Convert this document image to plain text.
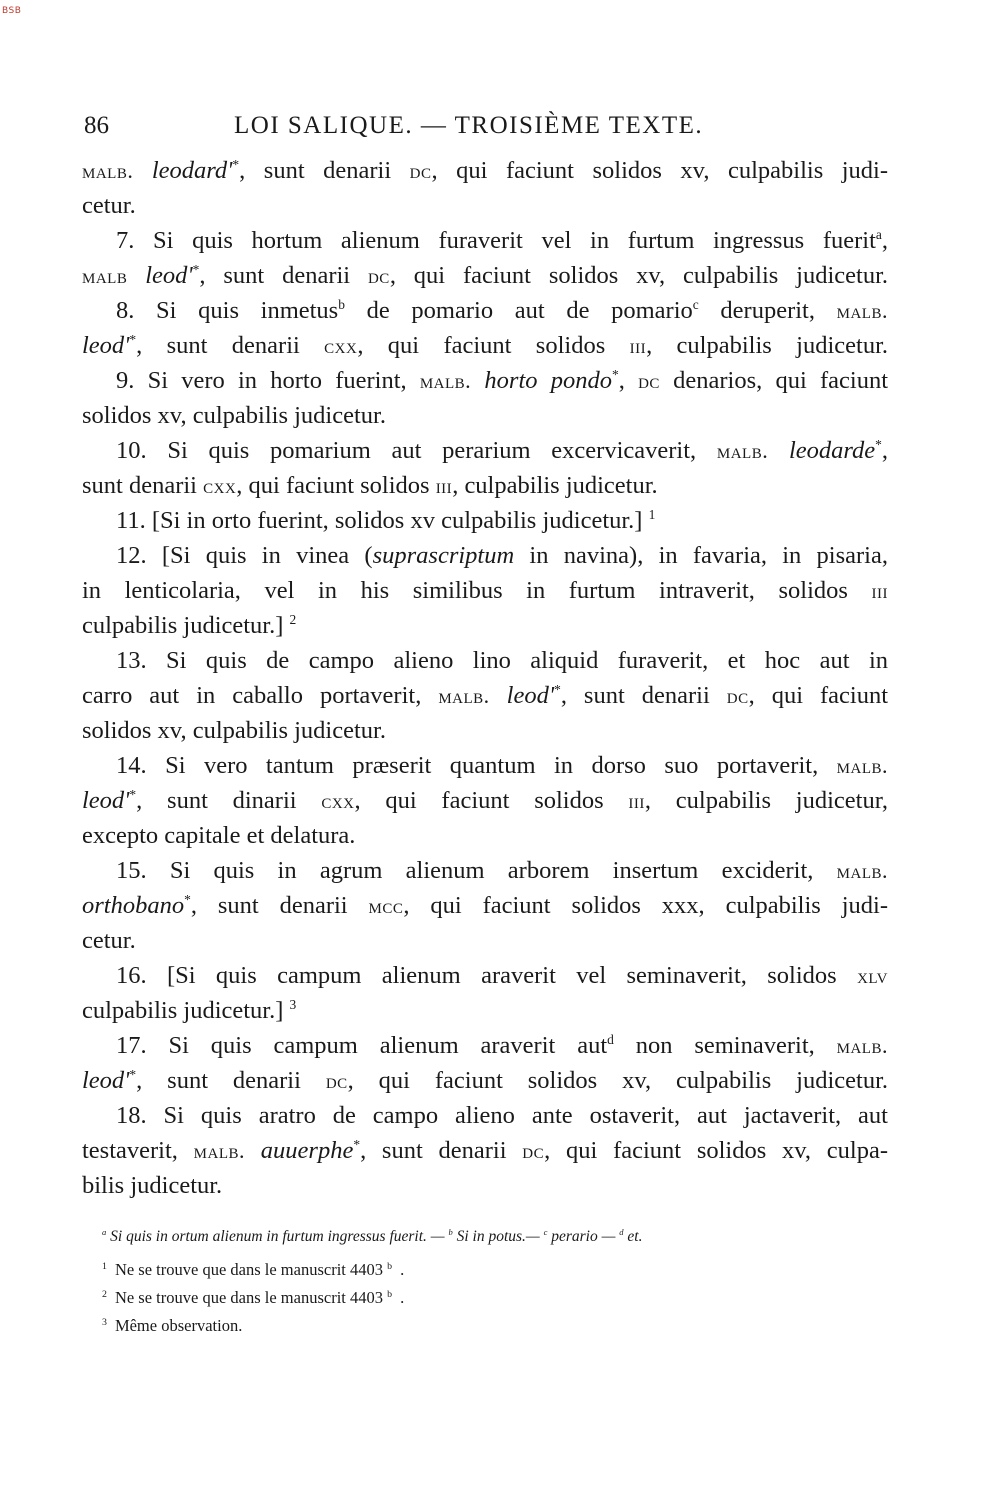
BSB
86	LOI SALIQUE. — TROISIÈME TEXTE.
malb. leodard'*, sunt denarii dc, qui faciunt solidos xv, culpabilis judi-
cetur.
7. Si quis hortum alienum furaverit vel in furtum ingressus fuerit$^a$,
malb leod'*, sunt denarii dc, qui faciunt solidos xv, culpabilis judicetur.
8. Si quis inmetus$^b$ de pomario aut de pomario$^c$ deruperit, malb.
leod'*, sunt denarii cxx, qui faciunt solidos iii, culpabilis judicetur.
9. Si vero in horto fuerint, malb. horto pondo*, dc denarios, qui faciunt
solidos xv, culpabilis judicetur.
10. Si quis pomarium aut perarium excervicaverit, malb. leodarde*,
sunt denarii cxx, qui faciunt solidos iii, culpabilis judicetur.
11. [Si in orto fuerint, solidos xv culpabilis judicetur.] $^1$
12. [Si quis in vinea (suprascriptum in navina), in favaria, in pisaria,
in lenticolaria, vel in his similibus in furtum intraverit, solidos iii
culpabilis judicetur.] $^2$
13. Si quis de campo alieno lino aliquid furaverit, et hoc aut in
carro aut in caballo portaverit, malb. leod'*, sunt denarii dc, qui faciunt
solidos xv, culpabilis judicetur.
14. Si vero tantum præserit quantum in dorso suo portaverit, malb.
leod'*, sunt dinarii cxx, qui faciunt solidos iii, culpabilis judicetur,
excepto capitale et delatura.
15. Si quis in agrum alienum arborem insertum exciderit, malb.
orthobano*, sunt denarii mcc, qui faciunt solidos xxx, culpabilis judi-
cetur.
16. [Si quis campum alienum araverit vel seminaverit, solidos xlv
culpabilis judicetur.] $^3$
17. Si quis campum alienum araverit aut$^d$ non seminaverit, malb.
leod'*, sunt denarii dc, qui faciunt solidos xv, culpabilis judicetur.
18. Si quis aratro de campo alieno ante ostaverit, aut jactaverit, aut
testaverit, malb. auuerphe*, sunt denarii dc, qui faciunt solidos xv, culpa-
bilis judicetur.
$^a$ Si quis in ortum alienum in furtum ingressus fuerit. — $^b$ Si in potus.— $^c$ perario — $^d$ et.
$^1$ Ne se trouve que dans le manuscrit 4403 $^b$ .
$^2$ Ne se trouve que dans le manuscrit 4403 $^b$ .
$^3$ Même observation.
